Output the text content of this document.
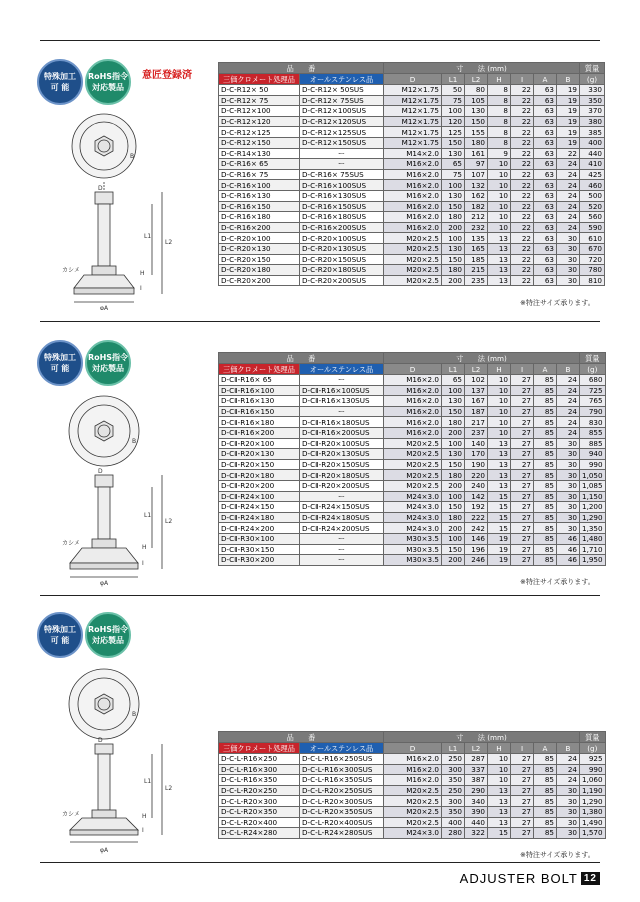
特殊加工
可 能
RoHS指令
対応製品
意匠登録済
B
D
L1
L2
H
I
カシメ
φA
品　　番		寸　　法 (mm)							質量
三価クロメート処理品	オールステンレス品	D	L1	L2	H	I	A	B	(g)
D-C-R12× 50	D-C-R12× 50SUS	M12×1.75	50	80	8	22	63	19	330
D-C-R12× 75	D-C-R12× 75SUS	M12×1.75	75	105	8	22	63	19	350
D-C-R12×100	D-C-R12×100SUS	M12×1.75	100	130	8	22	63	19	370
D-C-R12×120	D-C-R12×120SUS	M12×1.75	120	150	8	22	63	19	380
D-C-R12×125	D-C-R12×125SUS	M12×1.75	125	155	8	22	63	19	385
D-C-R12×150	D-C-R12×150SUS	M12×1.75	150	180	8	22	63	19	400
D-C-R14×130	ー	M14×2.0	130	161	9	22	63	22	440
D-C-R16× 65	ー	M16×2.0	65	97	10	22	63	24	410
D-C-R16× 75	D-C-R16× 75SUS	M16×2.0	75	107	10	22	63	24	425
D-C-R16×100	D-C-R16×100SUS	M16×2.0	100	132	10	22	63	24	460
D-C-R16×130	D-C-R16×130SUS	M16×2.0	130	162	10	22	63	24	500
D-C-R16×150	D-C-R16×150SUS	M16×2.0	150	182	10	22	63	24	520
D-C-R16×180	D-C-R16×180SUS	M16×2.0	180	212	10	22	63	24	560
D-C-R16×200	D-C-R16×200SUS	M16×2.0	200	232	10	22	63	24	590
D-C-R20×100	D-C-R20×100SUS	M20×2.5	100	135	13	22	63	30	610
D-C-R20×130	D-C-R20×130SUS	M20×2.5	130	165	13	22	63	30	670
D-C-R20×150	D-C-R20×150SUS	M20×2.5	150	185	13	22	63	30	720
D-C-R20×180	D-C-R20×180SUS	M20×2.5	180	215	13	22	63	30	780
D-C-R20×200	D-C-R20×200SUS	M20×2.5	200	235	13	22	63	30	810
※特注サイズ承ります。
特殊加工
可 能
RoHS指令
対応製品
B
D
L1
L2
H
I
カシメ
φA
品　　番		寸　　法 (mm)							質量
三価クロメート処理品	オールステンレス品	D	L1	L2	H	I	A	B	(g)
D-CⅡ-R16× 65	ー	M16×2.0	65	102	10	27	85	24	680
D-CⅡ-R16×100	D-CⅡ-R16×100SUS	M16×2.0	100	137	10	27	85	24	725
D-CⅡ-R16×130	D-CⅡ-R16×130SUS	M16×2.0	130	167	10	27	85	24	765
D-CⅡ-R16×150	ー	M16×2.0	150	187	10	27	85	24	790
D-CⅡ-R16×180	D-CⅡ-R16×180SUS	M16×2.0	180	217	10	27	85	24	830
D-CⅡ-R16×200	D-CⅡ-R16×200SUS	M16×2.0	200	237	10	27	85	24	855
D-CⅡ-R20×100	D-CⅡ-R20×100SUS	M20×2.5	100	140	13	27	85	30	885
D-CⅡ-R20×130	D-CⅡ-R20×130SUS	M20×2.5	130	170	13	27	85	30	940
D-CⅡ-R20×150	D-CⅡ-R20×150SUS	M20×2.5	150	190	13	27	85	30	990
D-CⅡ-R20×180	D-CⅡ-R20×180SUS	M20×2.5	180	220	13	27	85	30	1,050
D-CⅡ-R20×200	D-CⅡ-R20×200SUS	M20×2.5	200	240	13	27	85	30	1,085
D-CⅡ-R24×100	ー	M24×3.0	100	142	15	27	85	30	1,150
D-CⅡ-R24×150	D-CⅡ-R24×150SUS	M24×3.0	150	192	15	27	85	30	1,200
D-CⅡ-R24×180	D-CⅡ-R24×180SUS	M24×3.0	180	222	15	27	85	30	1,290
D-CⅡ-R24×200	D-CⅡ-R24×200SUS	M24×3.0	200	242	15	27	85	30	1,350
D-CⅡ-R30×100	ー	M30×3.5	100	146	19	27	85	46	1,480
D-CⅡ-R30×150	ー	M30×3.5	150	196	19	27	85	46	1,710
D-CⅡ-R30×200	ー	M30×3.5	200	246	19	27	85	46	1,950
※特注サイズ承ります。
特殊加工
可 能
RoHS指令
対応製品
B
D
L1
L2
H
I
カシメ
φA
品　　番		寸　　法 (mm)							質量
三価クロメート処理品	オールステンレス品	D	L1	L2	H	I	A	B	(g)
D-C-L-R16×250	D-C-L-R16×250SUS	M16×2.0	250	287	10	27	85	24	925
D-C-L-R16×300	D-C-L-R16×300SUS	M16×2.0	300	337	10	27	85	24	990
D-C-L-R16×350	D-C-L-R16×350SUS	M16×2.0	350	387	10	27	85	24	1,060
D-C-L-R20×250	D-C-L-R20×250SUS	M20×2.5	250	290	13	27	85	30	1,190
D-C-L-R20×300	D-C-L-R20×300SUS	M20×2.5	300	340	13	27	85	30	1,290
D-C-L-R20×350	D-C-L-R20×350SUS	M20×2.5	350	390	13	27	85	30	1,380
D-C-L-R20×400	D-C-L-R20×400SUS	M20×2.5	400	440	13	27	85	30	1,490
D-C-L-R24×280	D-C-L-R24×280SUS	M24×3.0	280	322	15	27	85	30	1,570
※特注サイズ承ります。
ADJUSTER BOLT 12
